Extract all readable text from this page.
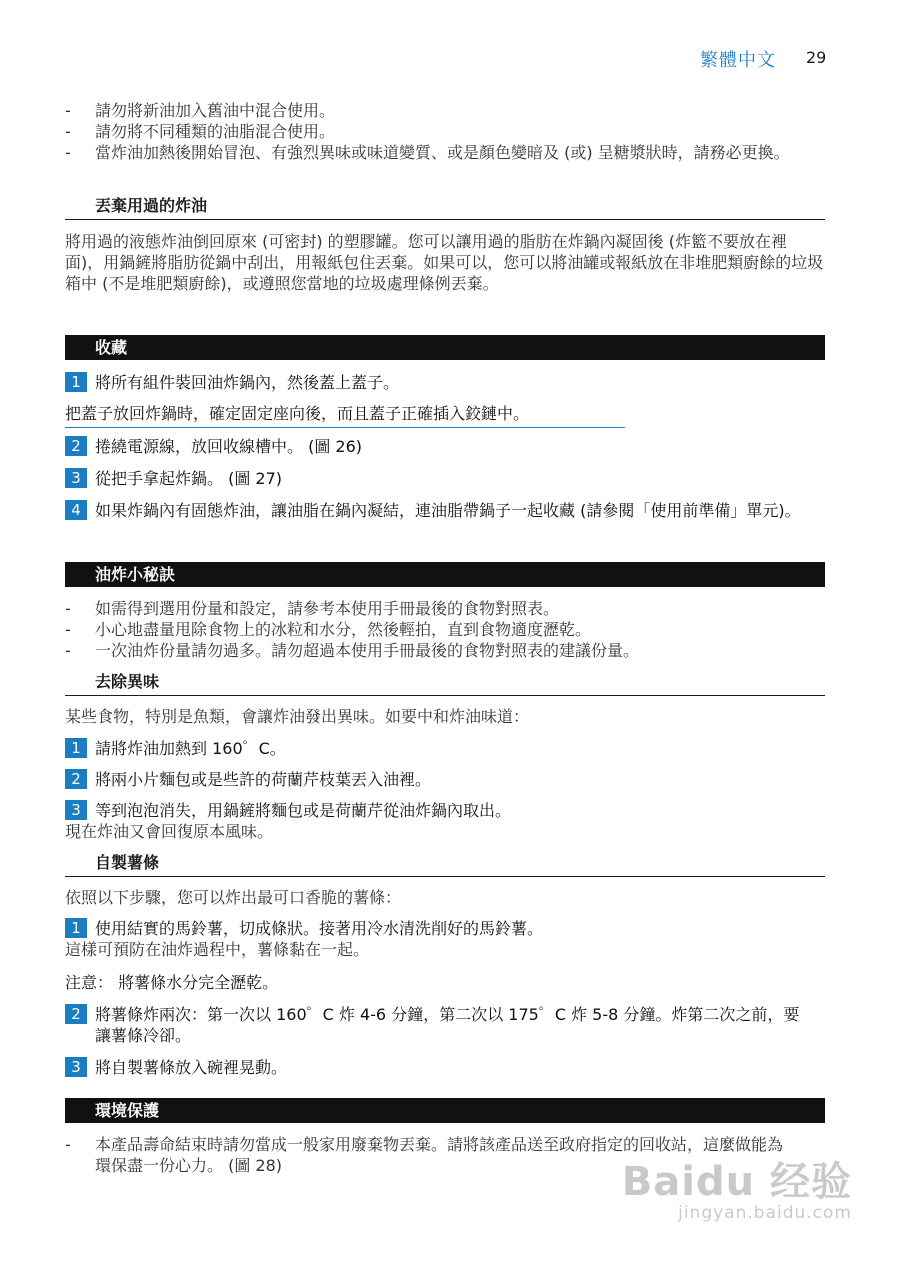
繁體中文 29
- 請勿將新油加入舊油中混合使用。
- 請勿將不同種類的油脂混合使用。
- 當炸油加熱後開始冒泡、有強烈異味或味道變質、或是顏色變暗及 (或) 呈糖漿狀時，請務必更換。
丟棄用過的炸油
將用過的液態炸油倒回原來 (可密封) 的塑膠罐。您可以讓用過的脂肪在炸鍋內凝固後 (炸籃不要放在裡面)，用鍋鏟將脂肪從鍋中刮出，用報紙包住丟棄。如果可以，您可以將油罐或報紙放在非堆肥類廚餘的垃圾箱中 (不是堆肥類廚餘)，或遵照您當地的垃圾處理條例丟棄。
收藏
1 將所有組件裝回油炸鍋內，然後蓋上蓋子。
把蓋子放回炸鍋時，確定固定座向後，而且蓋子正確插入鉸鏈中。
2 捲繞電源線，放回收線槽中。 (圖 26)
3 從把手拿起炸鍋。 (圖 27)
4 如果炸鍋內有固態炸油，讓油脂在鍋內凝結，連油脂帶鍋子一起收藏 (請參閱「使用前準備」單元)。
油炸小秘訣
- 如需得到選用份量和設定，請參考本使用手冊最後的食物對照表。
- 小心地盡量甩除食物上的冰粒和水分，然後輕拍，直到食物適度瀝乾。
- 一次油炸份量請勿過多。請勿超過本使用手冊最後的食物對照表的建議份量。
去除異味
某些食物，特別是魚類，會讓炸油發出異味。如要中和炸油味道：
1 請將炸油加熱到 160゜C。
2 將兩小片麵包或是些許的荷蘭芹枝葉丟入油裡。
3 等到泡泡消失，用鍋鏟將麵包或是荷蘭芹從油炸鍋內取出。
現在炸油又會回復原本風味。
自製薯條
依照以下步驟，您可以炸出最可口香脆的薯條：
1 使用結實的馬鈴薯，切成條狀。接著用冷水清洗削好的馬鈴薯。
這樣可預防在油炸過程中，薯條黏在一起。
注意： 將薯條水分完全瀝乾。
2 將薯條炸兩次：第一次以 160゜C 炸 4-6 分鐘，第二次以 175゜C 炸 5-8 分鐘。炸第二次之前，要讓薯條冷卻。
3 將自製薯條放入碗裡晃動。
環境保護
- 本產品壽命結束時請勿當成一般家用廢棄物丟棄。請將該產品送至政府指定的回收站，這麼做能為環保盡一份心力。 (圖 28)	Baidu 经验
jingyan.baidu.com
